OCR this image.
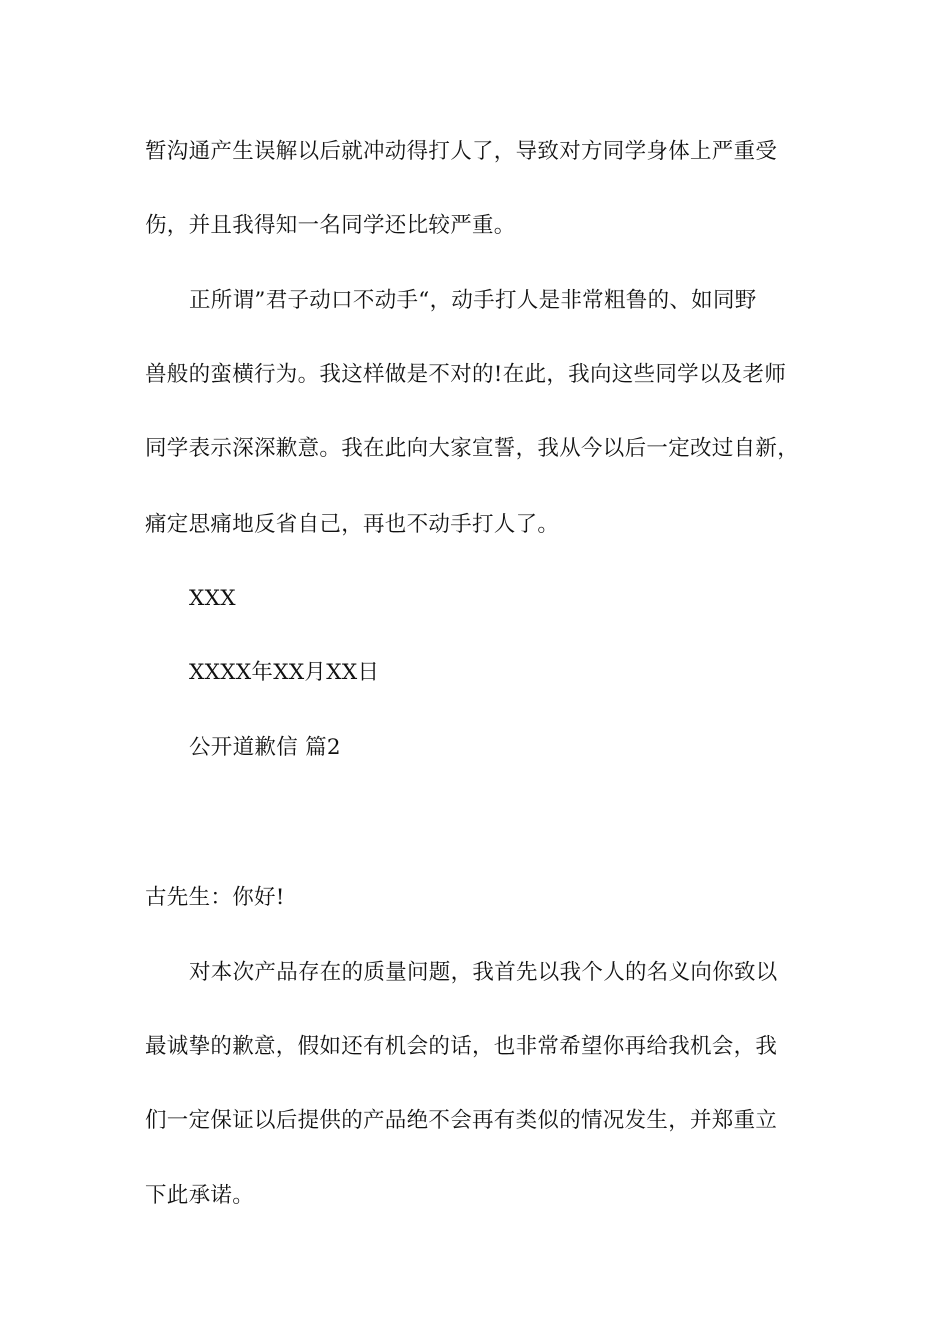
暂沟通产生误解以后就冲动得打人了，导致对方同学身体上严重受
伤，并且我得知一名同学还比较严重。
正所谓”君子动口不动手“，动手打人是非常粗鲁的、如同野
兽般的蛮横行为。我这样做是不对的!在此，我向这些同学以及老师
同学表示深深歉意。我在此向大家宣誓，我从今以后一定改过自新，
痛定思痛地反省自己，再也不动手打人了。
XXX
XXXX年XX月XX日
公开道歉信 篇2
古先生：你好!
对本次产品存在的质量问题，我首先以我个人的名义向你致以
最诚挚的歉意，假如还有机会的话，也非常希望你再给我机会，我
们一定保证以后提供的产品绝不会再有类似的情况发生，并郑重立
下此承诺。
